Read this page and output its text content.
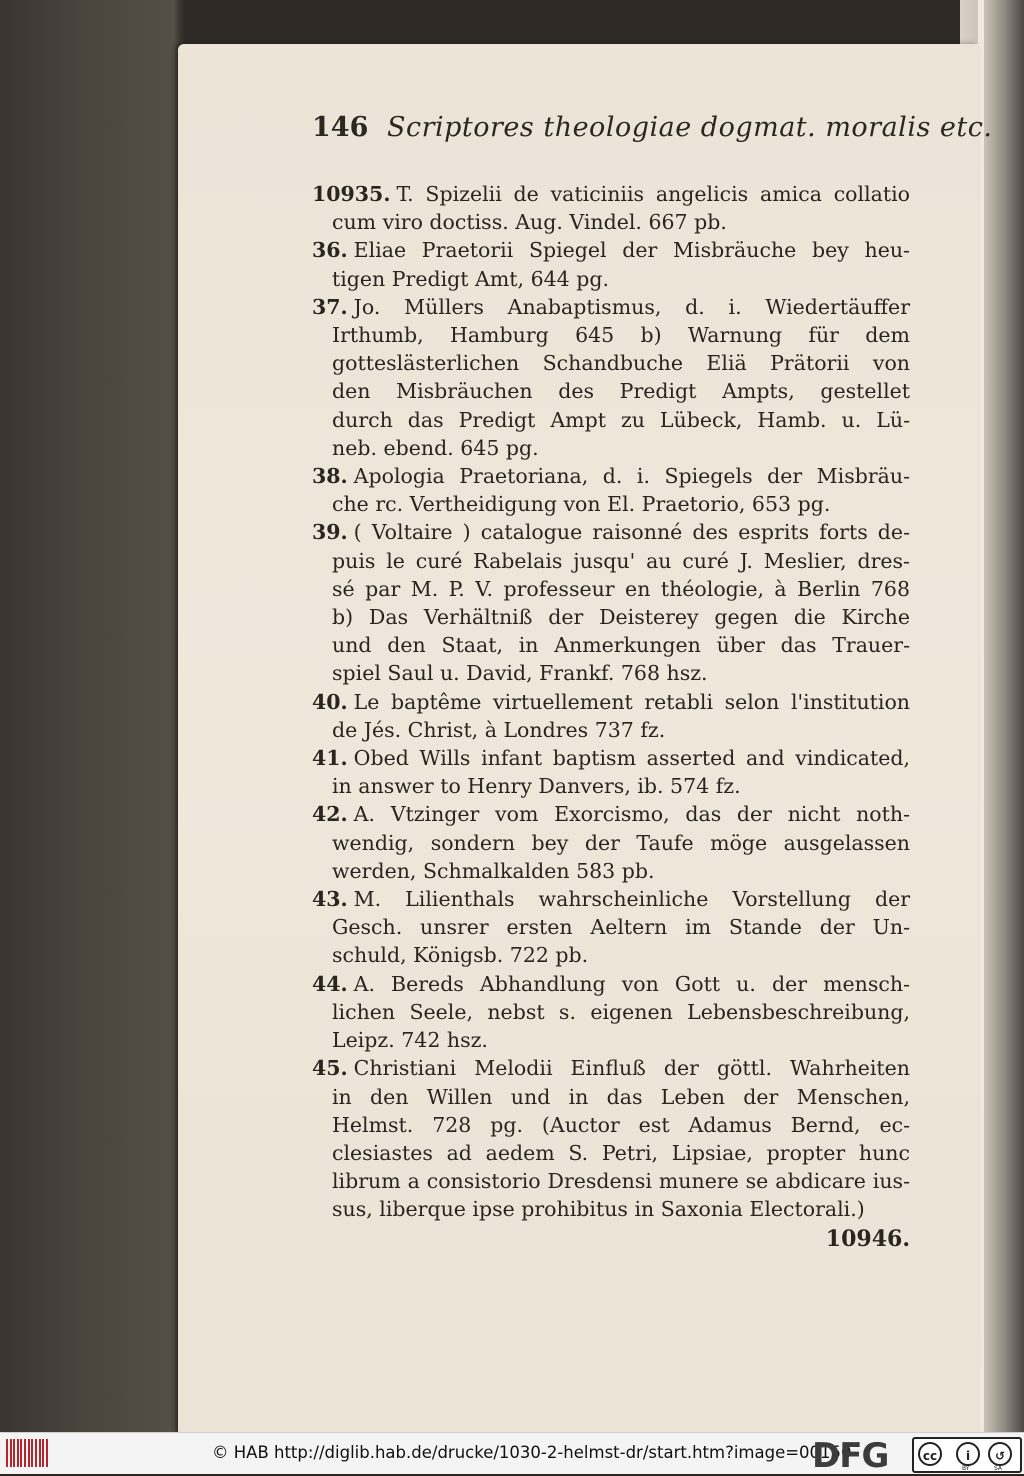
146 Scriptores theologiae dogmat. moralis etc.
10935. T. Spizelii de vaticiniis angelicis amica collatio
cum viro doctiss. Aug. Vindel. 667 pb.
36. Eliae Praetorii Spiegel der Misbräuche bey heu-
tigen Predigt Amt, 644 pg.
37. Jo. Müllers Anabaptismus, d. i. Wiedertäuffer
Irthumb, Hamburg 645 b) Warnung für dem
gotteslästerlichen Schandbuche Eliä Prätorii von
den Misbräuchen des Predigt Ampts, gestellet
durch das Predigt Ampt zu Lübeck, Hamb. u. Lü-
neb. ebend. 645 pg.
38. Apologia Praetoriana, d. i. Spiegels der Misbräu-
che rc. Vertheidigung von El. Praetorio, 653 pg.
39. ( Voltaire ) catalogue raisonné des esprits forts de-
puis le curé Rabelais jusqu' au curé J. Meslier, dres-
sé par M. P. V. professeur en théologie, à Berlin 768
b) Das Verhältniß der Deisterey gegen die Kirche
und den Staat, in Anmerkungen über das Trauer-
spiel Saul u. David, Frankf. 768 hsz.
40. Le baptême virtuellement retabli selon l'institution
de Jés. Christ, à Londres 737 fz.
41. Obed Wills infant baptism asserted and vindicated,
in answer to Henry Danvers, ib. 574 fz.
42. A. Vtzinger vom Exorcismo, das der nicht noth-
wendig, sondern bey der Taufe möge ausgelassen
werden, Schmalkalden 583 pb.
43. M. Lilienthals wahrscheinliche Vorstellung der
Gesch. unsrer ersten Aeltern im Stande der Un-
schuld, Königsb. 722 pb.
44. A. Bereds Abhandlung von Gott u. der mensch-
lichen Seele, nebst s. eigenen Lebensbeschreibung,
Leipz. 742 hsz.
45. Christiani Melodii Einfluß der göttl. Wahrheiten
in den Willen und in das Leben der Menschen,
Helmst. 728 pg. (Auctor est Adamus Bernd, ec-
clesiastes ad aedem S. Petri, Lipsiae, propter hunc
librum a consistorio Dresdensi munere se abdicare ius-
sus, liberque ipse prohibitus in Saxonia Electorali.)
10946.
© HAB http://diglib.hab.de/drucke/1030-2-helmst-dr/start.htm?image=00150
DFG	cc	i	↺
BY	SA
